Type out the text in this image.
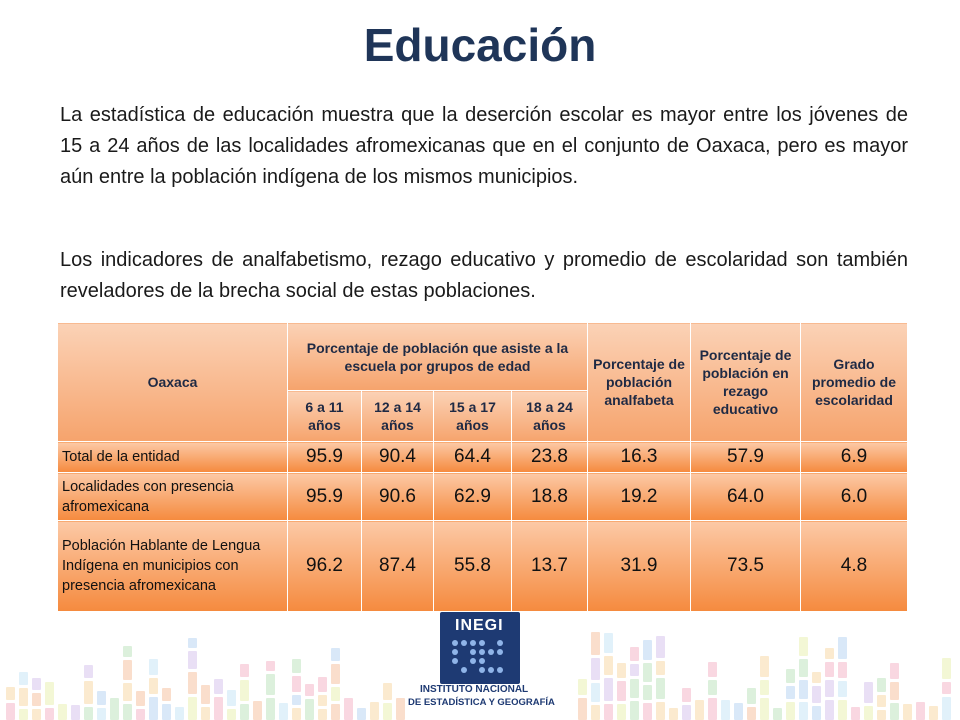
Educación

La estadística de educación muestra que la deserción escolar es mayor entre los jóvenes de 15 a 24 años de las localidades afromexicanas que en el conjunto de Oaxaca, pero es mayor aún entre la población indígena de los mismos municipios.

Los indicadores de analfabetismo, rezago educativo y promedio de escolaridad son también reveladores de la brecha social de estas poblaciones.

Oaxaca	Porcentaje de población que asiste a la escuela por grupos de edad				Porcentaje de población analfabeta	Porcentaje de población en rezago educativo	Grado promedio de escolaridad
	6 a 11 años	12 a 14 años	15 a 17 años	18 a 24 años			
Total de la entidad	95.9	90.4	64.4	23.8	16.3	57.9	6.9
Localidades con presencia afromexicana	95.9	90.6	62.9	18.8	19.2	64.0	6.0
Población Hablante de Lengua Indígena en municipios con presencia afromexicana	96.2	87.4	55.8	13.7	31.9	73.5	4.8
INEGI
INSTITUTO NACIONAL
DE ESTADÍSTICA Y GEOGRAFÍA
